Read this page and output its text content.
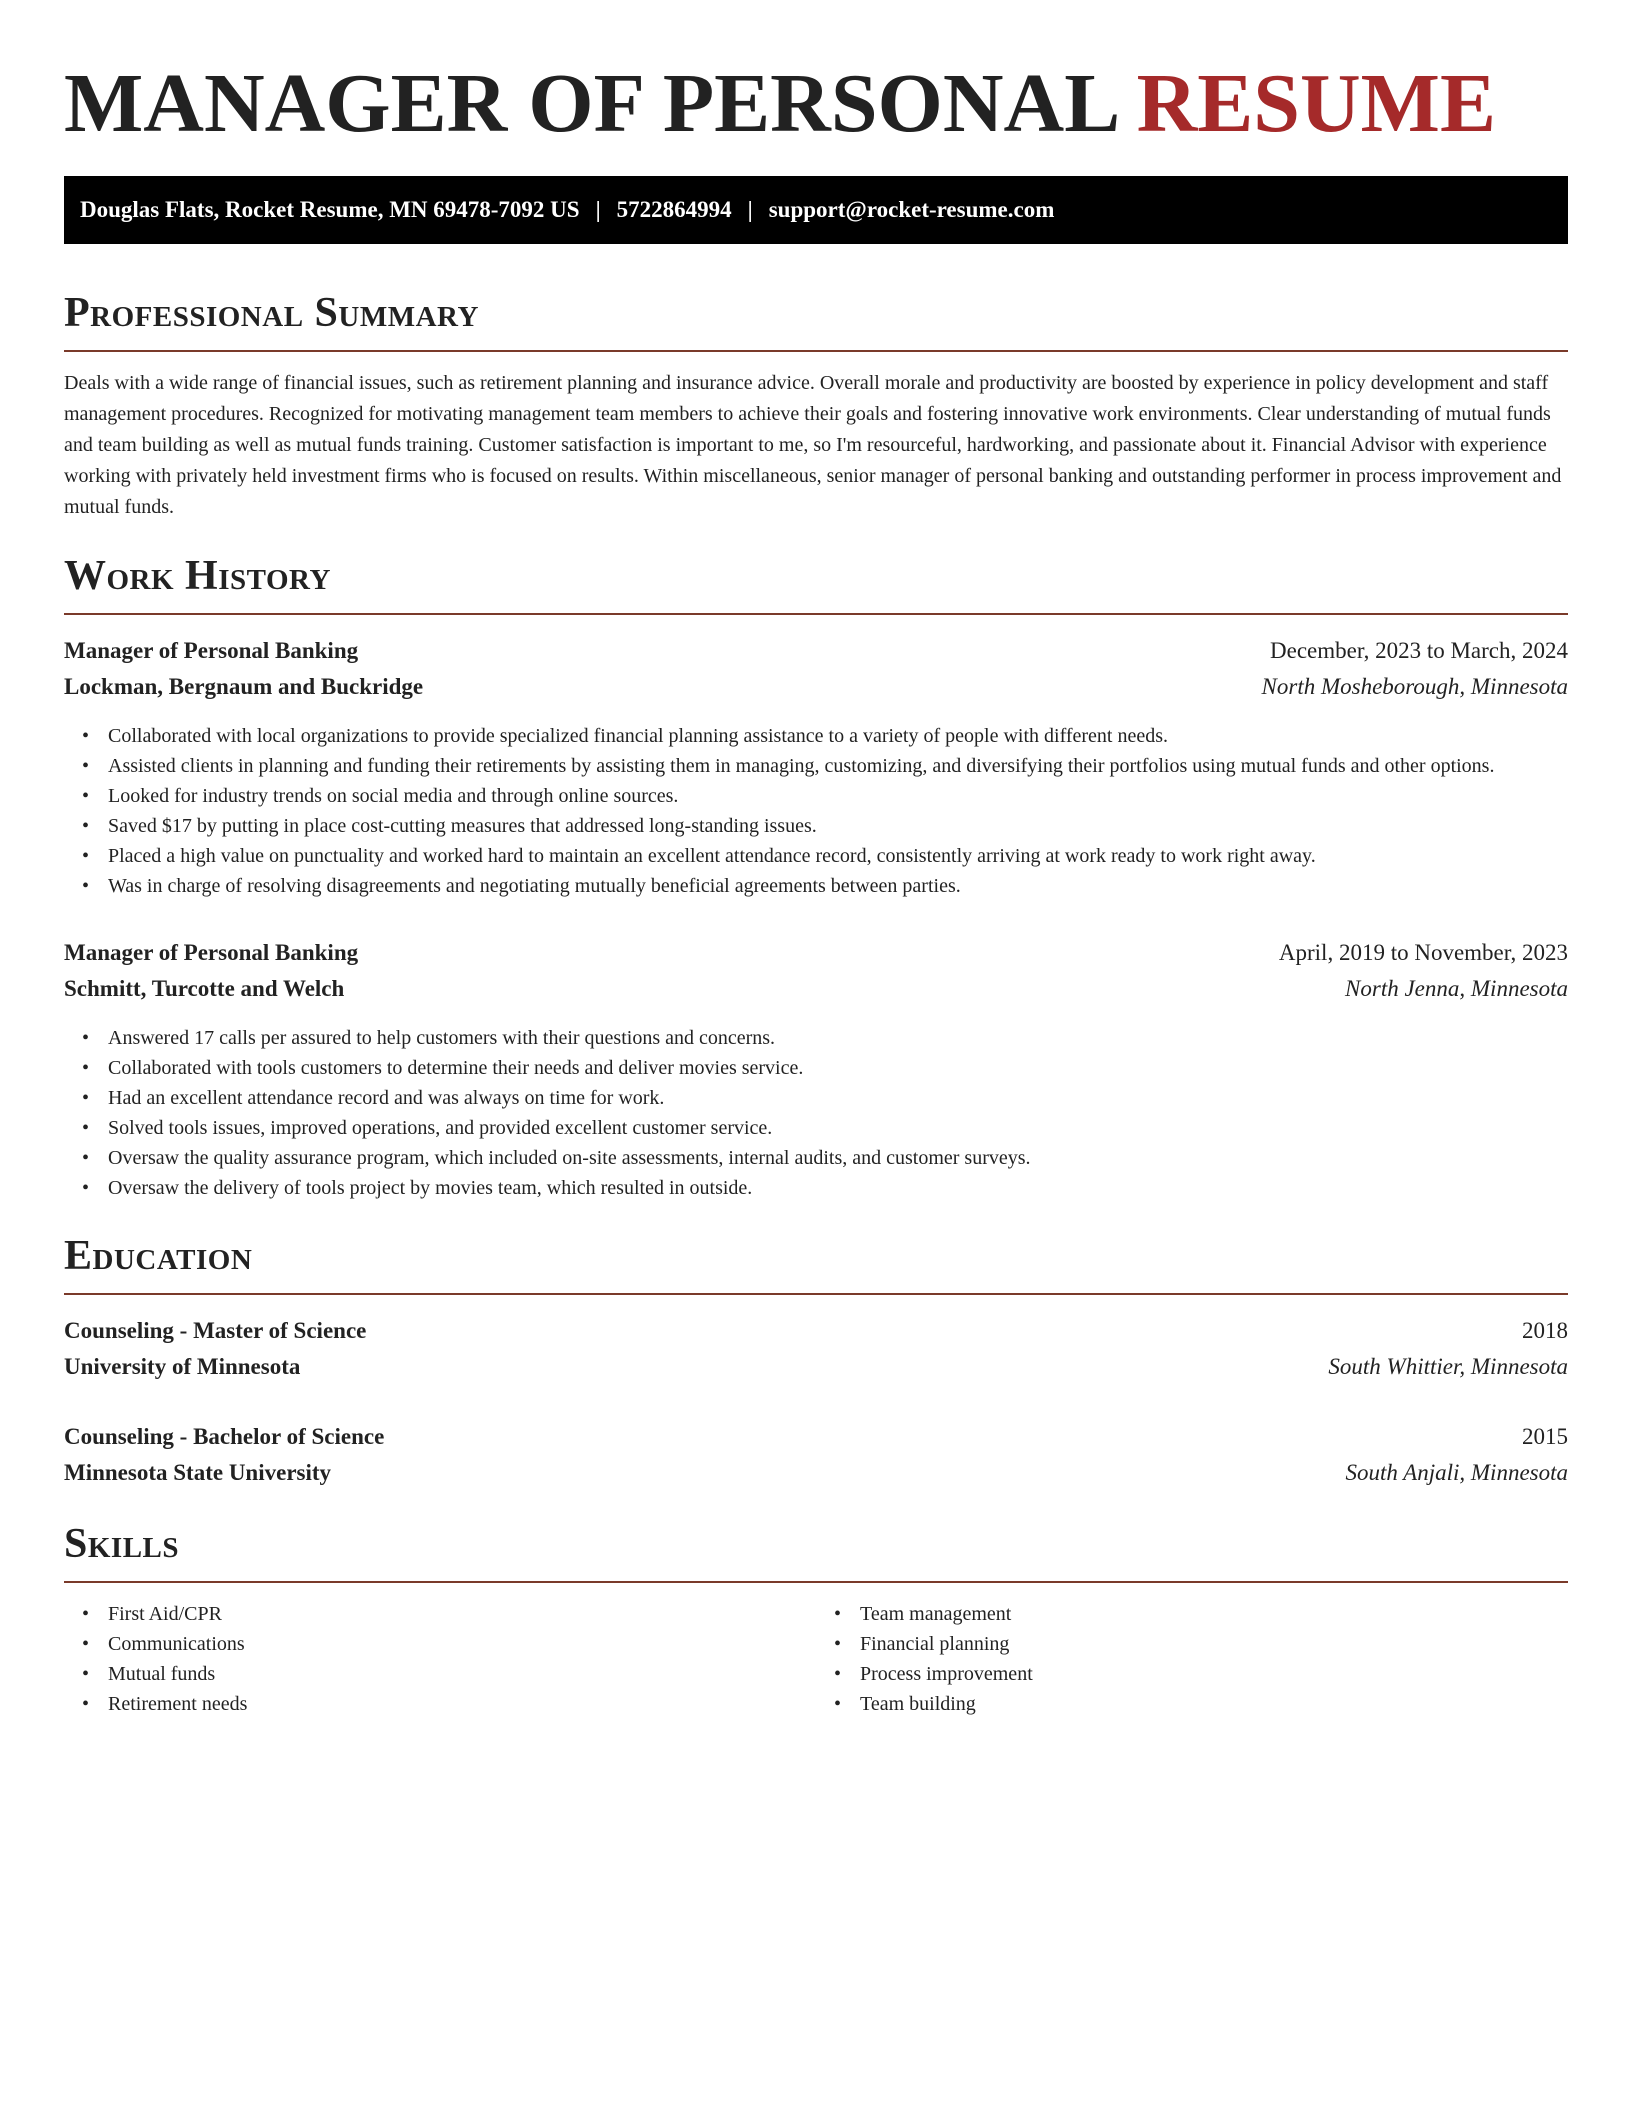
MANAGER OF PERSONAL RESUME
Douglas Flats, Rocket Resume, MN 69478-7092 US | 5722864994 | support@rocket-resume.com
Professional Summary

Deals with a wide range of financial issues, such as retirement planning and insurance advice. Overall morale and productivity are boosted by experience in policy development and staff management procedures. Recognized for motivating management team members to achieve their goals and fostering innovative work environments. Clear understanding of mutual funds and team building as well as mutual funds training. Customer satisfaction is important to me, so I'm resourceful, hardworking, and passionate about it. Financial Advisor with experience working with privately held investment firms who is focused on results. Within miscellaneous, senior manager of personal banking and outstanding performer in process improvement and mutual funds.

Work History
Manager of Personal Banking	December, 2023 to March, 2024
Lockman, Bergnaum and Buckridge	North Mosheborough, Minnesota
• Collaborated with local organizations to provide specialized financial planning assistance to a variety of people with different needs.
• Assisted clients in planning and funding their retirements by assisting them in managing, customizing, and diversifying their portfolios using mutual funds and other options.
• Looked for industry trends on social media and through online sources.
• Saved $17 by putting in place cost-cutting measures that addressed long-standing issues.
• Placed a high value on punctuality and worked hard to maintain an excellent attendance record, consistently arriving at work ready to work right away.
• Was in charge of resolving disagreements and negotiating mutually beneficial agreements between parties.
Manager of Personal Banking	April, 2019 to November, 2023
Schmitt, Turcotte and Welch	North Jenna, Minnesota
• Answered 17 calls per assured to help customers with their questions and concerns.
• Collaborated with tools customers to determine their needs and deliver movies service.
• Had an excellent attendance record and was always on time for work.
• Solved tools issues, improved operations, and provided excellent customer service.
• Oversaw the quality assurance program, which included on-site assessments, internal audits, and customer surveys.
• Oversaw the delivery of tools project by movies team, which resulted in outside.
Education
Counseling - Master of Science	2018
University of Minnesota	South Whittier, Minnesota
Counseling - Bachelor of Science	2015
Minnesota State University	South Anjali, Minnesota
Skills
• First Aid/CPR
• Communications
• Mutual funds
• Retirement needs
• Team management
• Financial planning
• Process improvement
• Team building
